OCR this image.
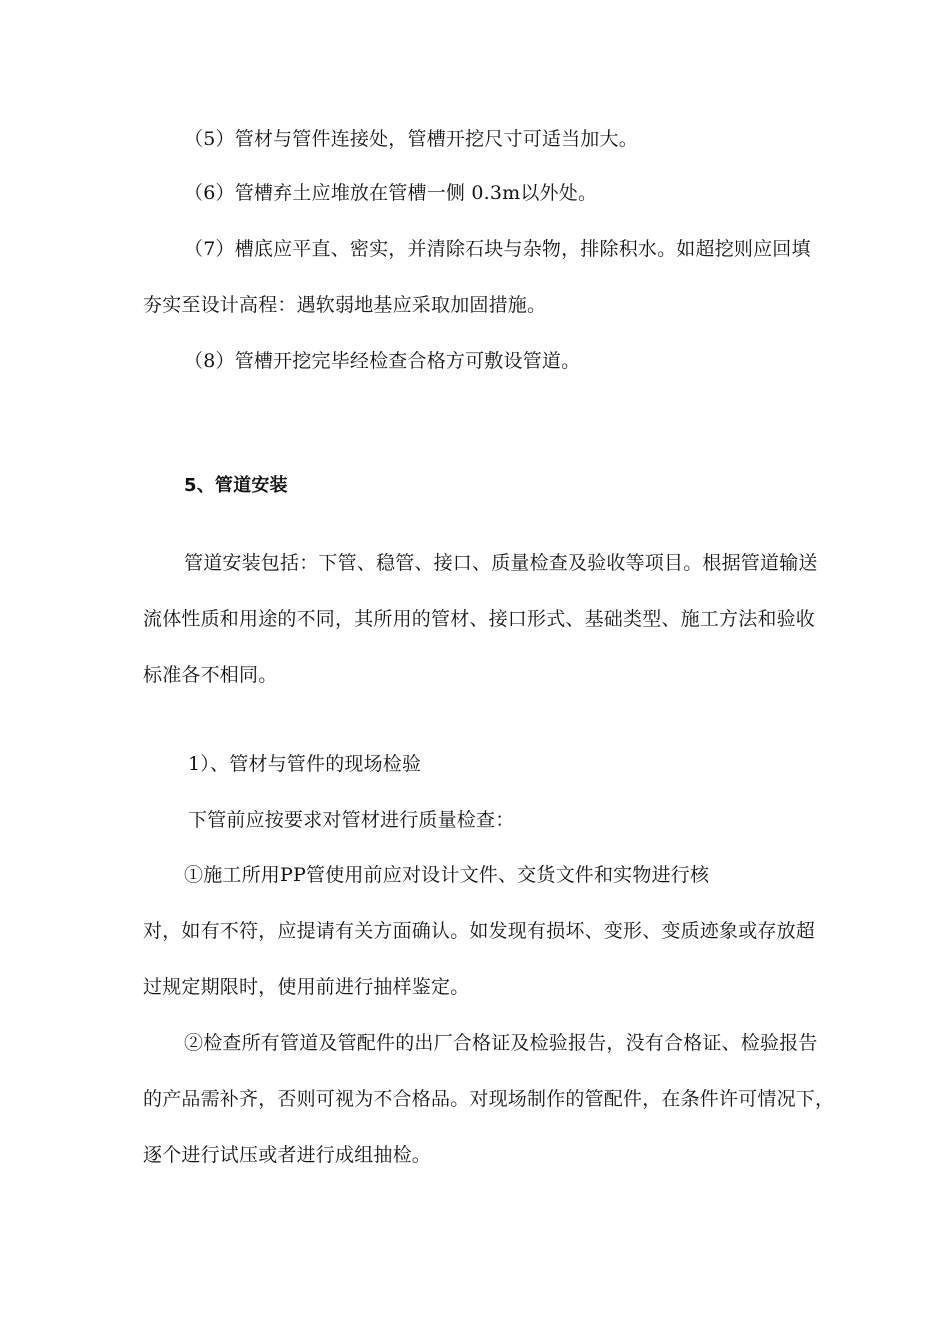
（5）管材与管件连接处，管槽开挖尺寸可适当加大。
（6）管槽弃土应堆放在管槽一侧 0.3m以外处。
（7）槽底应平直、密实，并清除石块与杂物，排除积水。如超挖则应回填
夯实至设计高程：遇软弱地基应采取加固措施。
（8）管槽开挖完毕经检查合格方可敷设管道。
5、管道安装
管道安装包括：下管、稳管、接口、质量检查及验收等项目。根据管道输送
流体性质和用途的不同，其所用的管材、接口形式、基础类型、施工方法和验收
标准各不相同。
1）、管材与管件的现场检验
下管前应按要求对管材进行质量检查：
①施工所用PP管使用前应对设计文件、交货文件和实物进行核
对，如有不符，应提请有关方面确认。如发现有损坏、变形、变质迹象或存放超
过规定期限时，使用前进行抽样鉴定。
②检查所有管道及管配件的出厂合格证及检验报告，没有合格证、检验报告
的产品需补齐，否则可视为不合格品。对现场制作的管配件，在条件许可情况下，
逐个进行试压或者进行成组抽检。
